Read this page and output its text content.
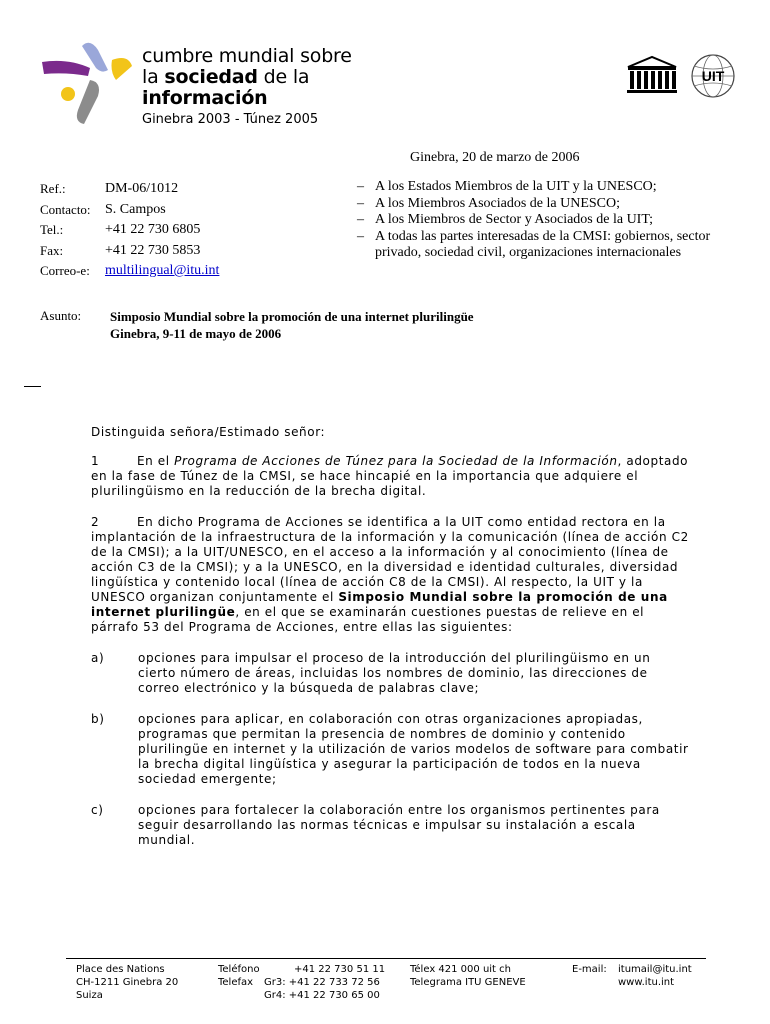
cumbre mundial sobre
la sociedad de la información
Ginebra 2003 - Túnez 2005
UIT
Ginebra, 20 de marzo de 2006
Ref.:	DM-06/1012
Contacto:	S. Campos
Tel.:	+41 22 730 6805
Fax:	+41 22 730 5853
Correo-e:	multilingual@itu.int
– A los Estados Miembros de la UIT y la UNESCO;
– A los Miembros Asociados de la UNESCO;
– A los Miembros de Sector y Asociados de la UIT;
– A todas las partes interesadas de la CMSI: gobiernos, sector privado, sociedad civil, organizaciones internacionales
Asunto:	Simposio Mundial sobre la promoción de una internet plurilingüe
Ginebra, 9-11 de mayo de 2006

Distinguida señora/Estimado señor:

1	En el Programa de Acciones de Túnez para la Sociedad de la Información, adoptado en la fase de Túnez de la CMSI, se hace hincapié en la importancia que adquiere el plurilingüismo en la reducción de la brecha digital.

2	En dicho Programa de Acciones se identifica a la UIT como entidad rectora en la implantación de la infraestructura de la información y la comunicación (línea de acción C2 de la CMSI); a la UIT/UNESCO, en el acceso a la información y al conocimiento (línea de acción C3 de la CMSI); y a la UNESCO, en la diversidad e identidad culturales, diversidad lingüística y contenido local (línea de acción C8 de la CMSI). Al respecto, la UIT y la UNESCO organizan conjuntamente el Simposio Mundial sobre la promoción de una internet plurilingüe, en el que se examinarán cuestiones puestas de relieve en el párrafo 53 del Programa de Acciones, entre ellas las siguientes:

a)	opciones para impulsar el proceso de la introducción del plurilingüismo en un cierto número de áreas, incluidas los nombres de dominio, las direcciones de correo electrónico y la búsqueda de palabras clave;
b)	opciones para aplicar, en colaboración con otras organizaciones apropiadas, programas que permitan la presencia de nombres de dominio y contenido plurilingüe en internet y la utilización de varios modelos de software para combatir la brecha digital lingüística y asegurar la participación de todos en la nueva sociedad emergente;
c)	opciones para fortalecer la colaboración entre los organismos pertinentes para seguir desarrollando las normas técnicas e impulsar su instalación a escala mundial.
Place des Nations
CH-1211 Ginebra 20
Suiza
Teléfono	+41 22 730 51 11
Telefax	Gr3: +41 22 733 72 56
Gr4: +41 22 730 65 00
Télex 421 000 uit ch
Telegrama ITU GENEVE
E-mail:	itumail@itu.int
www.itu.int
